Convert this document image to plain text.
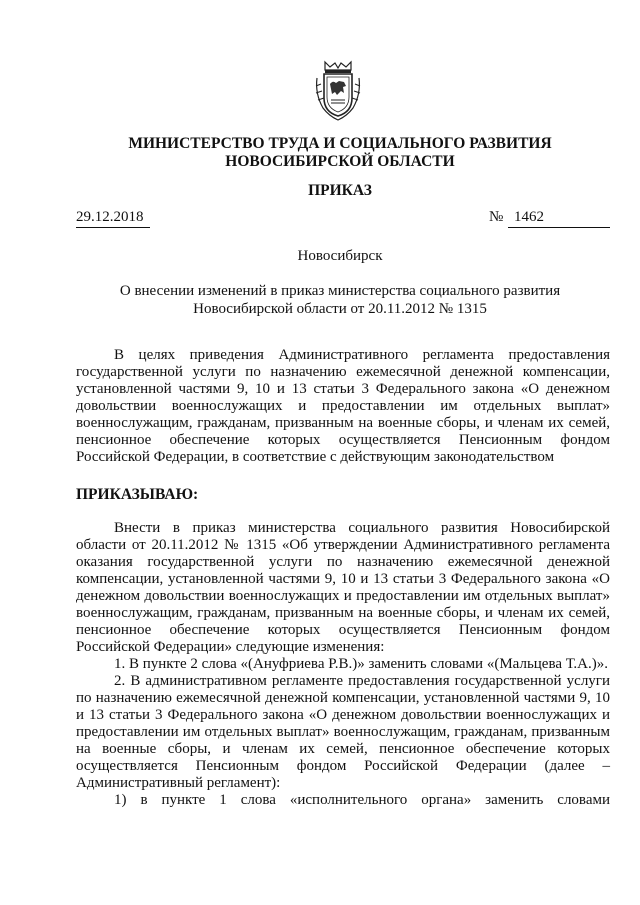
МИНИСТЕРСТВО ТРУДА И СОЦИАЛЬНОГО РАЗВИТИЯ
НОВОСИБИРСКОЙ ОБЛАСТИ
ПРИКАЗ
29.12.2018	№ 1462
Новосибирск
О внесении изменений в приказ министерства социального развития
Новосибирской области от 20.11.2012 № 1315

В целях приведения Административного регламента предоставления государственной услуги по назначению ежемесячной денежной компенсации, установленной частями 9, 10 и 13 статьи 3 Федерального закона «О денежном довольствии военнослужащих и предоставлении им отдельных выплат» военнослужащим, гражданам, призванным на военные сборы, и членам их семей, пенсионное обеспечение которых осуществляется Пенсионным фондом Российской Федерации, в соответствие с действующим законодательством

ПРИКАЗЫВАЮ:

Внести в приказ министерства социального развития Новосибирской области от 20.11.2012 № 1315 «Об утверждении Административного регламента оказания государственной услуги по назначению ежемесячной денежной компенсации, установленной частями 9, 10 и 13 статьи 3 Федерального закона «О денежном довольствии военнослужащих и предоставлении им отдельных выплат» военнослужащим, гражданам, призванным на военные сборы, и членам их семей, пенсионное обеспечение которых осуществляется Пенсионным фондом Российской Федерации» следующие изменения:

1. В пункте 2 слова «(Ануфриева Р.В.)» заменить словами «(Мальцева Т.А.)».

2. В административном регламенте предоставления государственной услуги по назначению ежемесячной денежной компенсации, установленной частями 9, 10 и 13 статьи 3 Федерального закона «О денежном довольствии военнослужащих и предоставлении им отдельных выплат» военнослужащим, гражданам, призванным на военные сборы, и членам их семей, пенсионное обеспечение которых осуществляется Пенсионным фондом Российской Федерации (далее – Административный регламент):

1) в пункте 1 слова «исполнительного органа» заменить словами
